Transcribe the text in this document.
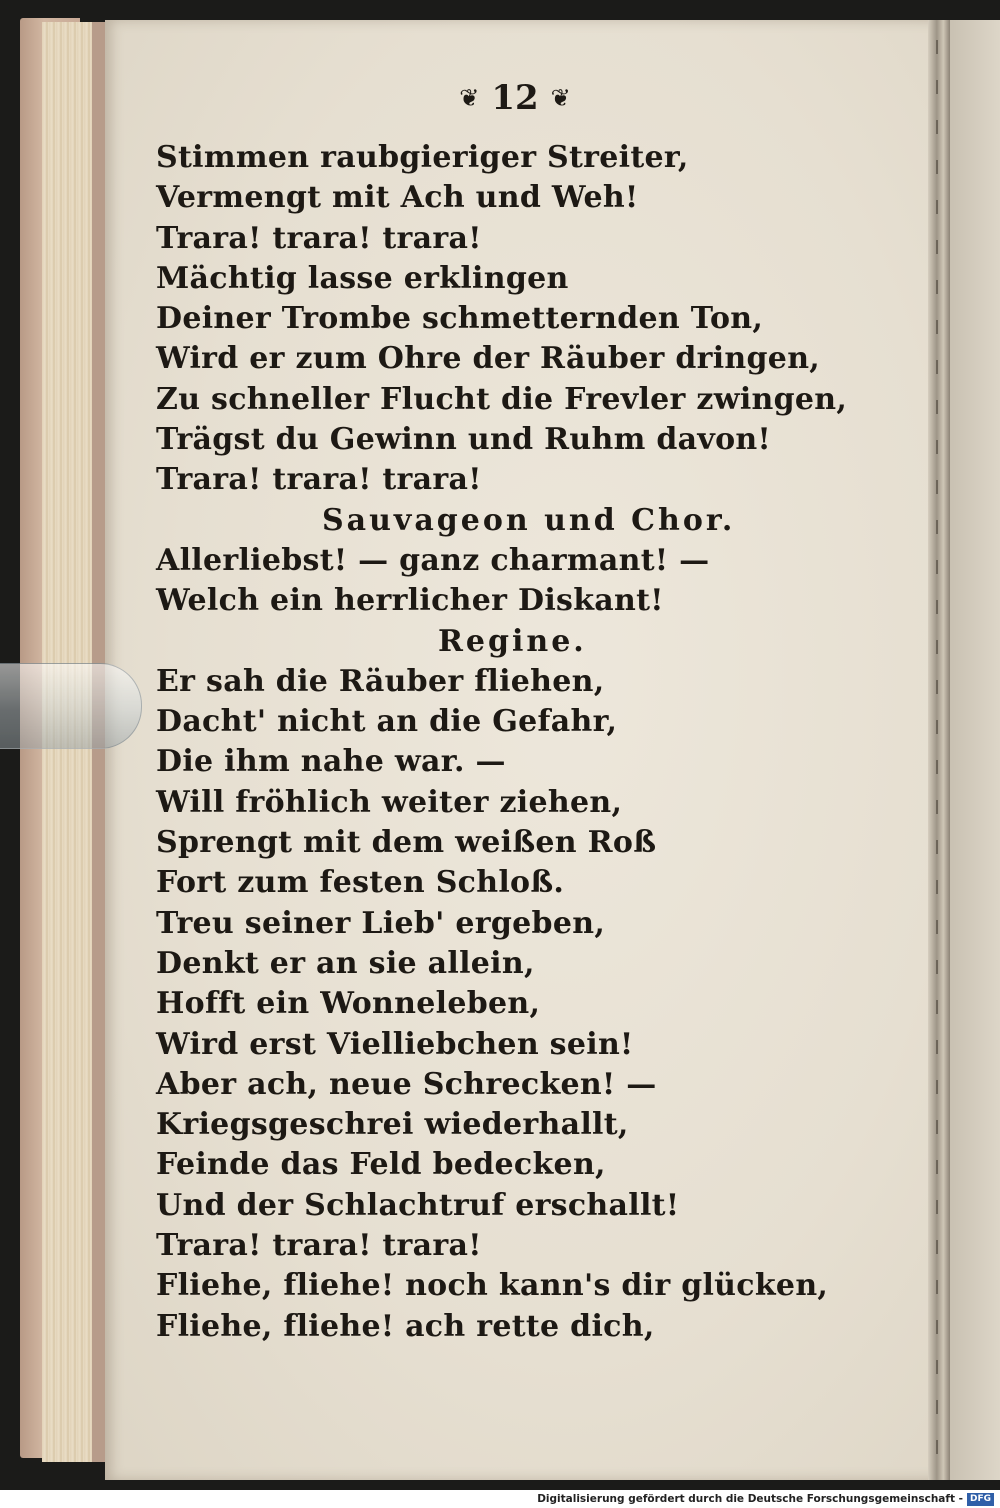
❦ 12 ❦
Stimmen raubgieriger Streiter,
Vermengt mit Ach und Weh!
Trara! trara! trara!
Mächtig lasse erklingen
Deiner Trombe schmetternden Ton,
Wird er zum Ohre der Räuber dringen,
Zu schneller Flucht die Frevler zwingen,
Trägst du Gewinn und Ruhm davon!
Trara! trara! trara!
Sauvageon und Chor.
Allerliebst! — ganz charmant! —
Welch ein herrlicher Diskant!
Regine.
Er sah die Räuber fliehen,
Dacht' nicht an die Gefahr,
Die ihm nahe war. —
Will fröhlich weiter ziehen,
Sprengt mit dem weißen Roß
Fort zum festen Schloß.
Treu seiner Lieb' ergeben,
Denkt er an sie allein,
Hofft ein Wonneleben,
Wird erst Vielliebchen sein!
Aber ach, neue Schrecken! —
Kriegsgeschrei wiederhallt,
Feinde das Feld bedecken,
Und der Schlachtruf erschallt!
Trara! trara! trara!
Fliehe, fliehe! noch kann's dir glücken,
Fliehe, fliehe! ach rette dich,
Digitalisierung gefördert durch die Deutsche Forschungsgemeinschaft - DFG
